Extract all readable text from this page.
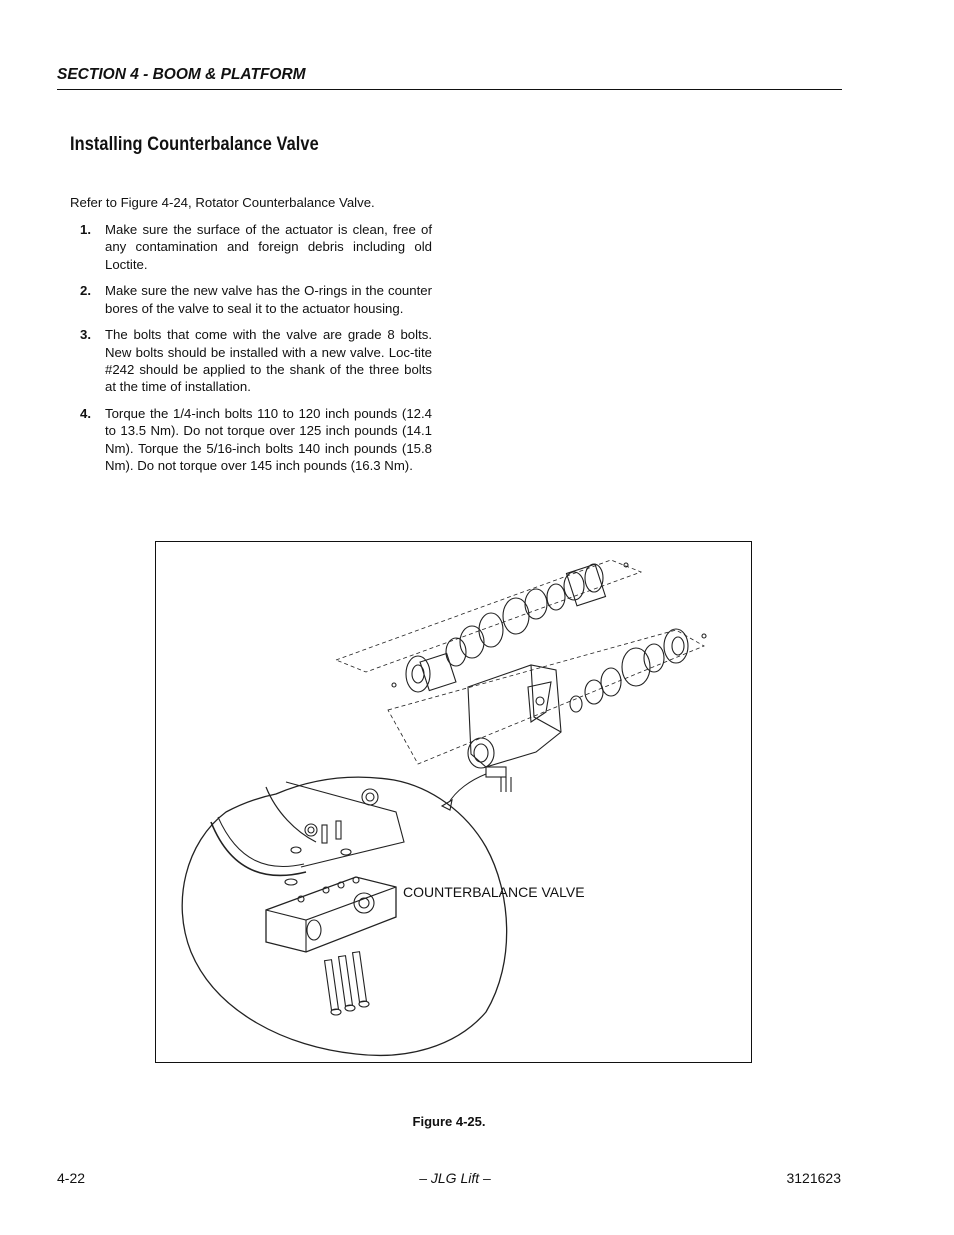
SECTION 4 - BOOM & PLATFORM
Installing Counterbalance Valve
Refer to Figure 4-24, Rotator Counterbalance Valve.
1.	Make sure the surface of the actuator is clean, free of any contamination and foreign debris including old Loctite.
2.	Make sure the new valve has the O-rings in the counter bores of the valve to seal it to the actuator housing.
3.	The bolts that come with the valve are grade 8 bolts. New bolts should be installed with a new valve. Loc-tite #242 should be applied to the shank of the three bolts at the time of installation.
4.	Torque the 1/4-inch bolts 110 to 120 inch pounds (12.4 to 13.5 Nm). Do not torque over 125 inch pounds (14.1 Nm). Torque the 5/16-inch bolts 140 inch pounds (15.8 Nm). Do not torque over 145 inch pounds (16.3 Nm).
COUNTERBALANCE VALVE
Figure 4-25.
4-22	– JLG Lift –	3121623
